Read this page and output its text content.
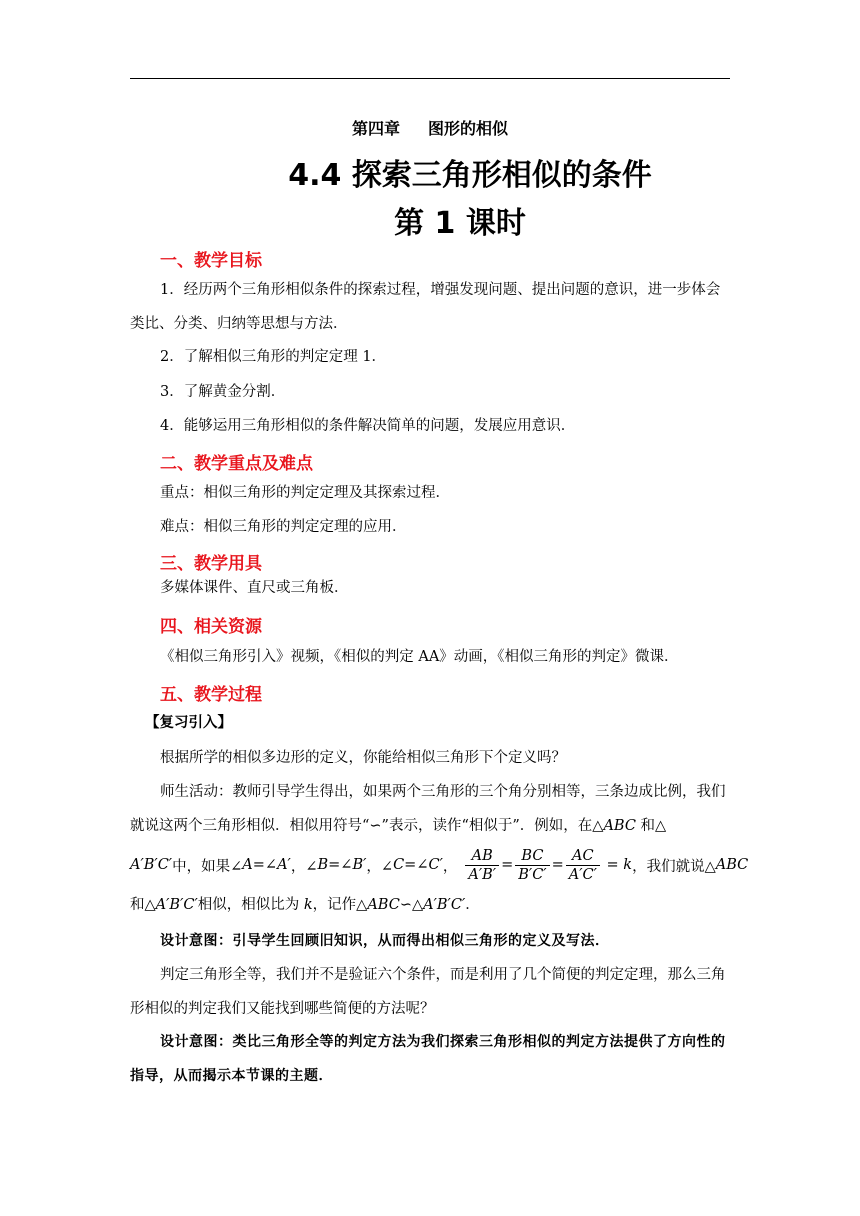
第四章 图形的相似
4.4 探索三角形相似的条件
第 1 课时
一、教学目标
1．经历两个三角形相似条件的探索过程，增强发现问题、提出问题的意识，进一步体会类比、分类、归纳等思想与方法．
2．了解相似三角形的判定定理 1．
3．了解黄金分割．
4．能够运用三角形相似的条件解决简单的问题，发展应用意识．
二、教学重点及难点
重点：相似三角形的判定定理及其探索过程．
难点：相似三角形的判定定理的应用．
三、教学用具
多媒体课件、直尺或三角板．
四、相关资源
《相似三角形引入》视频，《相似的判定 AA》动画，《相似三角形的判定》微课．
五、教学过程
【复习引入】
根据所学的相似多边形的定义，你能给相似三角形下个定义吗？
师生活动：教师引导学生得出，如果两个三角形的三个角分别相等，三条边成比例，我们就说这两个三角形相似．相似用符号“∽”表示，读作“相似于”．例如，在△ABC 和△
A′B′C′ 中，如果∠ A =∠ A′ ，∠ B =∠ B′ ，∠ C =∠ C′ ， $\frac{AB}{A'B'} = \frac{BC}{B'C'} = \frac{AC}{A'C'} = k$ ，我们就说△ ABC
和△A′B′C′相似，相似比为 k，记作△ABC∽△A′B′C′．
设计意图：引导学生回顾旧知识，从而得出相似三角形的定义及写法．
判定三角形全等，我们并不是验证六个条件，而是利用了几个简便的判定定理，那么三角形相似的判定我们又能找到哪些简便的方法呢？
设计意图：类比三角形全等的判定方法为我们探索三角形相似的判定方法提供了方向性的指导，从而揭示本节课的主题．
